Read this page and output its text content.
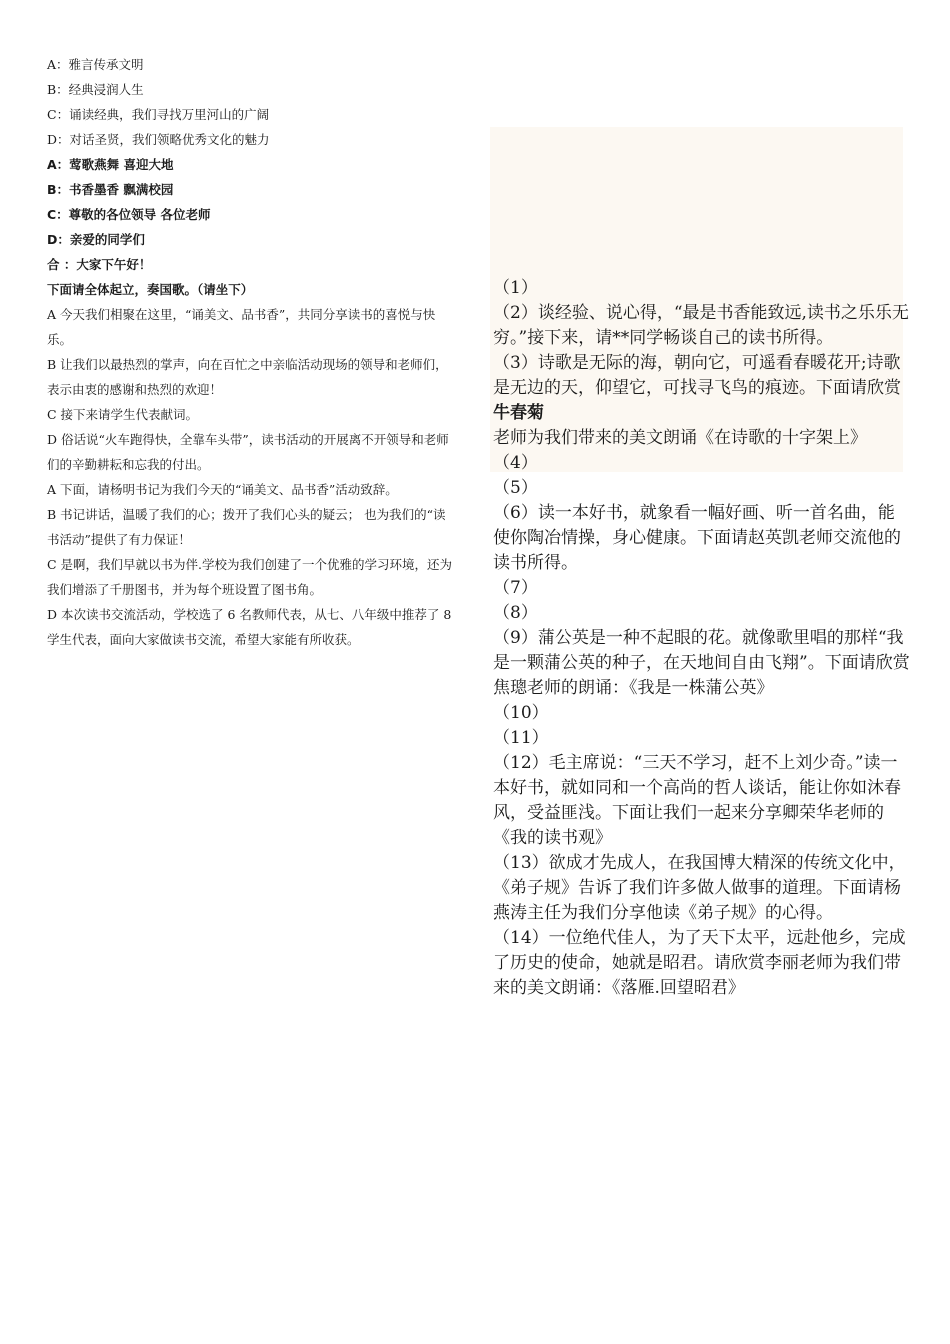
A：雅言传承文明
B：经典浸润人生
C：诵读经典，我们寻找万里河山的广阔
D：对话圣贤，我们领略优秀文化的魅力
A：莺歌燕舞 喜迎大地
B：书香墨香 飘满校园
C：尊敬的各位领导 各位老师
D：亲爱的同学们
合 ：大家下午好！
下面请全体起立，奏国歌。（请坐下）
A 今天我们相聚在这里，“诵美文、品书香”，共同分享读书的喜悦与快乐。
B 让我们以最热烈的掌声，向在百忙之中亲临活动现场的领导和老师们，表示由衷的感谢和热烈的欢迎！
C 接下来请学生代表献词。
D 俗话说“火车跑得快，全靠车头带”，读书活动的开展离不开领导和老师们的辛勤耕耘和忘我的付出。
A 下面，请杨明书记为我们今天的“诵美文、品书香”活动致辞。
B 书记讲话，温暖了我们的心；拨开了我们心头的疑云； 也为我们的“读书活动”提供了有力保证！
C 是啊，我们早就以书为伴.学校为我们创建了一个优雅的学习环境，还为我们增添了千册图书，并为每个班设置了图书角。
D 本次读书交流活动，学校选了 6 名教师代表，从七、八年级中推荐了 8 学生代表，面向大家做读书交流，希望大家能有所收获。
（1）
（2）谈经验、说心得，“最是书香能致远,读书之乐乐无穷。”接下来，请**同学畅谈自己的读书所得。
（3）诗歌是无际的海，朝向它，可遥看春暖花开;诗歌是无边的天，仰望它，可找寻飞鸟的痕迹。下面请欣赏牛春菊老师为我们带来的美文朗诵《在诗歌的十字架上》
（4）
（5）
（6）读一本好书，就象看一幅好画、听一首名曲，能使你陶冶情操，身心健康。下面请赵英凯老师交流他的读书所得。
（7）
（8）
（9）蒲公英是一种不起眼的花。就像歌里唱的那样“我是一颗蒲公英的种子，在天地间自由飞翔”。下面请欣赏焦璁老师的朗诵：《我是一株蒲公英》
（10）
（11）
（12）毛主席说：“三天不学习，赶不上刘少奇。”读一本好书，就如同和一个高尚的哲人谈话，能让你如沐春风，受益匪浅。下面让我们一起来分享卿荣华老师的《我的读书观》
（13）欲成才先成人，在我国博大精深的传统文化中，《弟子规》告诉了我们许多做人做事的道理。下面请杨燕涛主任为我们分享他读《弟子规》的心得。
（14）一位绝代佳人，为了天下太平，远赴他乡，完成了历史的使命，她就是昭君。请欣赏李丽老师为我们带来的美文朗诵：《落雁.回望昭君》
